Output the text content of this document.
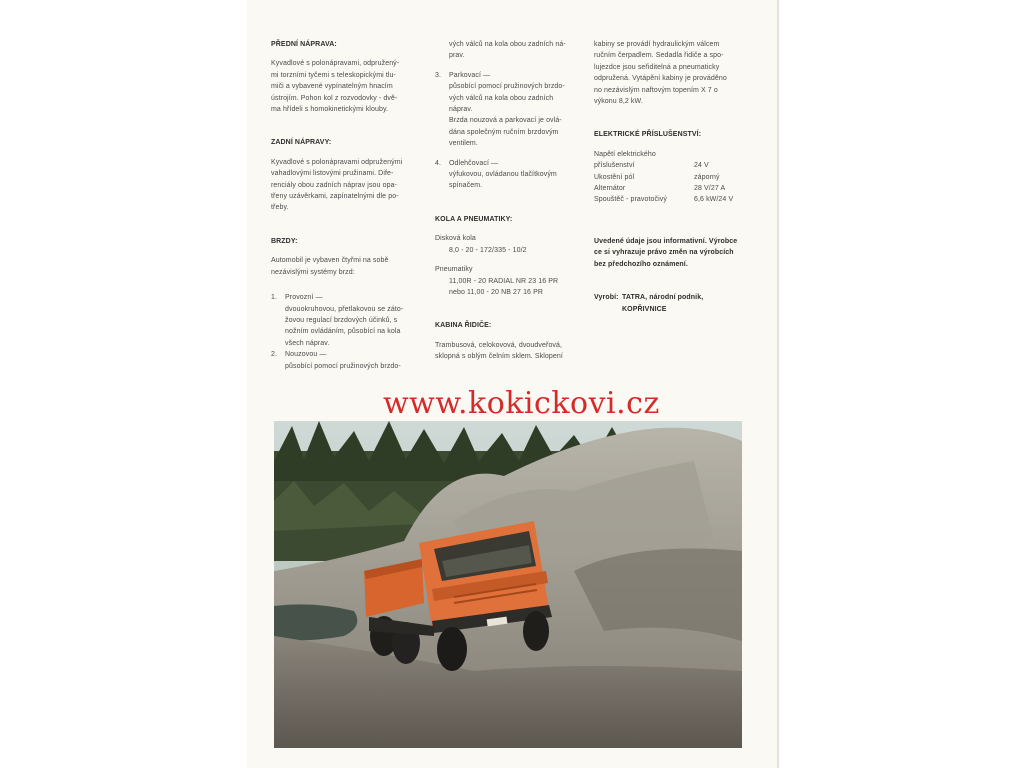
PŘEDNÍ NÁPRAVA:

Kyvadlové s polonápravami, odpružený-

mi torzními tyčemi s teleskopickými tlu-

miči a vybavené vypínatelným hnacím

ústrojím. Pohon kol z rozvodovky - dvě-

ma hřídeli s homokinetickými klouby.

ZADNÍ NÁPRAVY:

Kyvadlové s polonápravami odpruženými

vahadlovými listovými pružinami. Dife-

renciály obou zadních náprav jsou opa-

třeny uzávěrkami, zapínatelnými dle po-

třeby.

BRZDY:

Automobil je vybaven čtyřmi na sobě

nezávislými systémy brzd:

1.	Provozní —

dvouokruhovou, přetlakovou se záto-

žovou regulací brzdových účinků, s

nožním ovládáním, působící na kola

všech náprav.

2.	Nouzovou —

působící pomocí pružinových brzdo-

vých válců na kola obou zadních ná-

prav.

3.	Parkovací —

působící pomocí pružinových brzdo-

vých válců na kola obou zadních

náprav.

Brzda nouzová a parkovací je ovlá-

dána společným ručním brzdovým

ventilem.

4.	Odlehčovací —

výfukovou, ovládanou tlačítkovým

spínačem.

KOLA A PNEUMATIKY:

Disková kola

8,0 - 20 - 172/335 - 10/2

Pneumatiky

11,00R - 20 RADIAL NR 23 16 PR

nebo 11,00 - 20 NB 27 16 PR

KABINA ŘIDIČE:

Trambusová, celokovová, dvoudveřová,

sklopná s oblým čelním sklem. Sklopení

kabiny se provádí hydraulickým válcem

ručním čerpadlem. Sedadla řidiče a spo-

lujezdce jsou seřiditelná a pneumaticky

odpružená. Vytápění kabiny je prováděno

no nezávislým naftovým topením X 7 o

výkonu 8,2 kW.

ELEKTRICKÉ PŘÍSLUŠENSTVÍ:

Napětí elektrického

příslušenství	24 V
Ukostění pól	záporný
Alternátor	28 V/27 A
Spouštěč - pravotočivý	6,6 kW/24 V

Uvedené údaje jsou informativní. Výrobce

ce si vyhrazuje právo změn na výrobcích

bez předchozího oznámení.

Vyrobí: TATRA, národní podnik,

KOPŘIVNICE

www.kokickovi.cz
